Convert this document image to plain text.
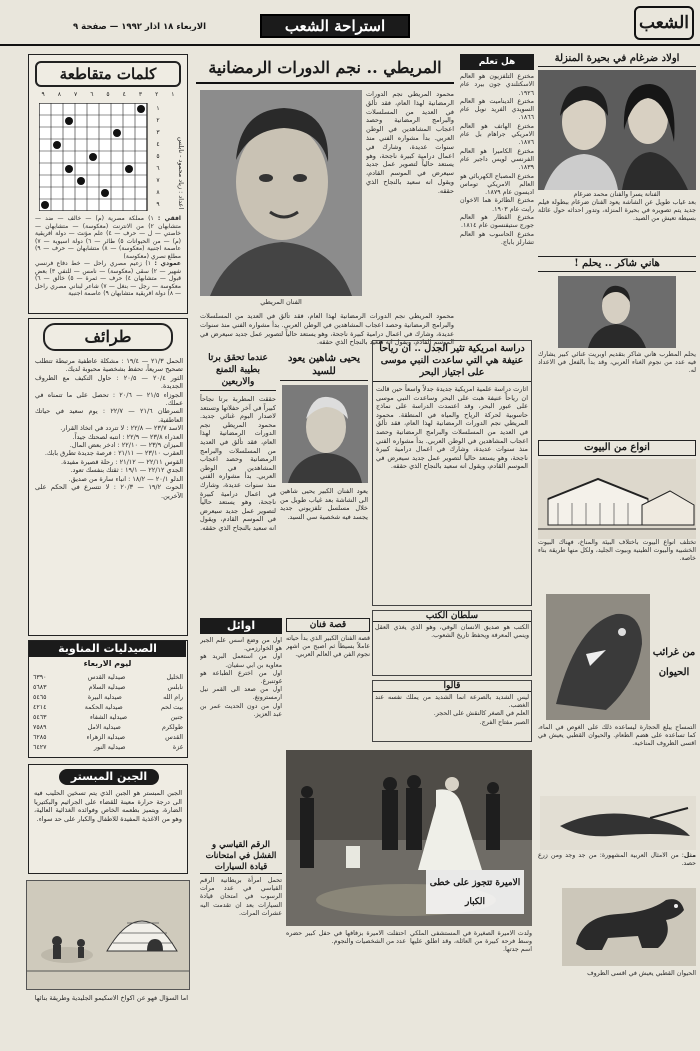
الشعب
استراحة الشعب
الاربعاء ١٨ آذار ١٩٩٢ — صفحة ٩
كلمات متقاطعة
١
٢
٣
٤
٥
٦
٧
٨
٩
١
٢
٣
٤
٥
٦
٧
٨
٩	اعداد : زياد محمود - نابلس
افقي : ١) مملكة مصرية (م) — خالف — ضد — متشابهان ٢) من الانترنت (معكوسة) — متشابهان — خاصتي — ل — حرف — ٤) علم مؤنث — دولة افريقية (م) — من الحيوانات ٥) طائر — ٦) دولة اسيوية — ٧) عاصمة اجنبية (معكوسة) — ٨) متشابهان — حرف — ٩) مطلع نصري (معكوسة)
عمودي : ١) زعيم مصري راحل — خط دفاع فرنسي شهير — ٢) سقى (معكوسة) — نامس — للنفي ٣) بعض قبول — متشابهان ٤) حرف — ثمرة — ٥) خالق — ٦) معكوسة — رجل — بنغل — ٧) شاعر لبناني مصري راحل — ٨) دولة افريقية متشابهان ٩) عاصمة اجنبية
طرائف
الحمل ٢١/٣ — ١٩/٤ : مشكلة عاطفية مرتبطة تتطلب تصحيح سريعاً، تحفظ بشخصية محبوبة لديك.
الثور ٢٠/٤ — ٢٠/٥ : حاول التكيف مع الظروف الجديدة.
الجوزاء ٢١/٥ — ٢٠/٦ : تحصل على ما تتمناه في عملك.
السرطان ٢١/٦ — ٢٢/٧ : يوم سعيد في حياتك العاطفية.
الاسد ٢٣/٧ — ٢٢/٨ : لا تتردد في اتخاذ القرار.
العذراء ٢٣/٨ — ٢٢/٩ : انتبه لصحتك جيداً.
الميزان ٢٣/٩ — ٢٢/١٠ : ادخر بعض المال.
العقرب ٢٣/١٠ — ٢١/١١ : فرصة جديدة تطرق بابك.
القوس ٢٢/١١ — ٢١/١٢ : رحلة قصيرة مفيدة.
الجدي ٢٢/١٢ — ١٩/١ : ثقتك بنفسك تعود.
الدلو ٢٠/١ — ١٨/٢ : انباء سارة من صديق.
الحوت ١٩/٢ — ٢٠/٣ : لا تتسرع في الحكم على الآخرين.
الصيدليات المناوبة
ليوم الاربعاء
الخليل
صيدلية القدس
٦٣٩٠
نابلس
صيدلية السلام
٥٦٨٣
رام الله
صيدلية البيرة
٥٤٦٥
بيت لحم
صيدلية الحكمة
٤٢١٤
جنين
صيدلية الشفاء
٥٤٦٣
طولكرم
صيدلية الامل
٧٥٨٩
القدس
صيدلية الزهراء
٦٢٨٥
غزة
صيدلية النور
٦٤٢٧
الجبن المبستر
الجبن المبستر هو الجبن الذي يتم تسخين الحليب فيه الى درجة حرارة معينة للقضاء على الجراثيم والبكتيريا الضارة، ويتميز بطعمه الخاص وفوائده الغذائية العالية، وهو من الاغذية المفيدة للاطفال والكبار على حد سواء.
اما السؤال فهو عن اكواخ الاسكيمو الجليدية وطريقة بنائها
المريطي .. نجم الدورات الرمضانية
الفنان المريطي
محمود المريطي نجم الدورات الرمضانية لهذا العام، فقد تألق في العديد من المسلسلات والبرامج الرمضانية وحصد اعجاب المشاهدين في الوطن العربي. بدأ مشواره الفني منذ سنوات عديدة، وشارك في اعمال درامية كبيرة ناجحة، وهو يستعد حالياً لتصوير عمل جديد سيعرض في الموسم القادم، ويقول انه سعيد بالنجاح الذي حققه.
محمود المريطي نجم الدورات الرمضانية لهذا العام، فقد تألق في العديد من المسلسلات والبرامج الرمضانية وحصد اعجاب المشاهدين في الوطن العربي. بدأ مشواره الفني منذ سنوات عديدة، وشارك في اعمال درامية كبيرة ناجحة، وهو يستعد حالياً لتصوير عمل جديد سيعرض في الموسم القادم، ويقول انه سعيد بالنجاح الذي حققه.
يحيى شاهين يعود للسيد
يعود الفنان الكبير يحيى شاهين الى الشاشة بعد غياب طويل من خلال مسلسل تلفزيوني جديد يجسد فيه شخصية سي السيد.
عندما تحقق برتا بطيبة التمنع والاربعين
حققت المطربة برتا نجاحاً كبيراً في آخر حفلاتها وتستعد لاصدار البوم غنائي جديد. محمود المريطي نجم الدورات الرمضانية لهذا العام، فقد تألق في العديد من المسلسلات والبرامج الرمضانية وحصد اعجاب المشاهدين في الوطن العربي. بدأ مشواره الفني منذ سنوات عديدة، وشارك في اعمال درامية كبيرة ناجحة، وهو يستعد حالياً لتصوير عمل جديد سيعرض في الموسم القادم، ويقول انه سعيد بالنجاح الذي حققه.
اوائل
اول من وضع اسس علم الجبر هو الخوارزمي.
اول من استعمل البريد هو معاوية بن ابي سفيان.
اول من اخترع الطباعة هو غوتنبرغ.
اول من صعد الى القمر نيل ارمسترونغ.
اول من دون الحديث عمر بن عبد العزيز.
قصة فنان
قصة الفنان الكبير الذي بدأ حياته عاملاً بسيطاً ثم اصبح من اشهر نجوم الفن في العالم العربي.
الرقم القياسي و الفشل في امتحانات قيادة السيارات
تحمل امرأة بريطانية الرقم القياسي في عدد مرات الرسوب في امتحان قيادة السيارات بعد ان تقدمت اليه عشرات المرات.
دراسة امريكية تثير الجدل .. ان رياحاً عنيفة هي التي ساعدت النبي موسى على اجتياز البحر
اثارت دراسة علمية امريكية جديدة جدلاً واسعاً حين قالت ان رياحاً عنيفة هبت على البحر وساعدت النبي موسى على عبور البحر، وقد اعتمدت الدراسة على نماذج حاسوبية لحركة الرياح والمياه في المنطقة. محمود المريطي نجم الدورات الرمضانية لهذا العام، فقد تألق في العديد من المسلسلات والبرامج الرمضانية وحصد اعجاب المشاهدين في الوطن العربي. بدأ مشواره الفني منذ سنوات عديدة، وشارك في اعمال درامية كبيرة ناجحة، وهو يستعد حالياً لتصوير عمل جديد سيعرض في الموسم القادم، ويقول انه سعيد بالنجاح الذي حققه.
سلطان الكتب
الكتب هو صديق الانسان الوفي، وهو الذي يغذي العقل وينمي المعرفة ويحفظ تاريخ الشعوب.
قالوا
ليس الشديد بالصرعة انما الشديد من يملك نفسه عند الغضب.
العلم في الصغر كالنقش على الحجر.
الصبر مفتاح الفرج.
الاميرة تتجوز على خطى الكبار
احتفلت الاميرة بزفافها في حفل كبير حضره عدد من الشخصيات والنجوم.
ولدت الاميرة الصغيرة في المستشفى الملكي وسط فرحة كبيرة من العائلة، وقد اطلق عليها اسم جدتها.
هل تعلم
مخترع التلفزيون هو العالم الاسكتلندي جون بيرد عام ١٩٢٦.
مخترع الديناميت هو العالم السويدي الفريد نوبل عام ١٨٦٦.
مخترع الهاتف هو العالم الامريكي جراهام بل عام ١٨٧٦.
مخترع الكاميرا هو العالم الفرنسي لويس داجير عام ١٨٣٩.
مخترع المصباح الكهربائي هو العالم الامريكي توماس اديسون عام ١٨٧٩.
مخترع الطائرة هما الاخوان رايت عام ١٩٠٣.
مخترع القطار هو العالم جورج ستيفنسون عام ١٨١٤.
مخترع الحاسوب هو العالم تشارلز باباج.
اولاد ضرغام في بحيرة المنزلة
الفنانة يسرا والفنان محمد ضرغام
بعد غياب طويل عن الشاشة يعود الفنان ضرغام ببطولة فيلم جديد يتم تصويره في بحيرة المنزلة، وتدور احداثه حول عائلة بسيطة تعيش من الصيد.
هاني شاكر .. يحلم !
يحلم المطرب هاني شاكر بتقديم اوبريت غنائي كبير يشارك فيه عدد من نجوم الغناء العربي، وقد بدأ بالفعل في الاعداد له.
انواع من البيوت
تختلف انواع البيوت باختلاف البيئة والمناخ، فهناك البيوت الخشبية والبيوت الطينية وبيوت الجليد، ولكل منها طريقة بناء خاصة.
من غرائب الحيوان
التمساح يبلع الحجارة ليساعده ذلك على الغوص في الماء، كما تساعده على هضم الطعام. والحيوان القطبي يعيش في اقسى الظروف المناخية.
مثل: من الامثال العربية المشهورة: من جد وجد ومن زرع حصد.
الحيوان القطبي يعيش في اقسى الظروف
